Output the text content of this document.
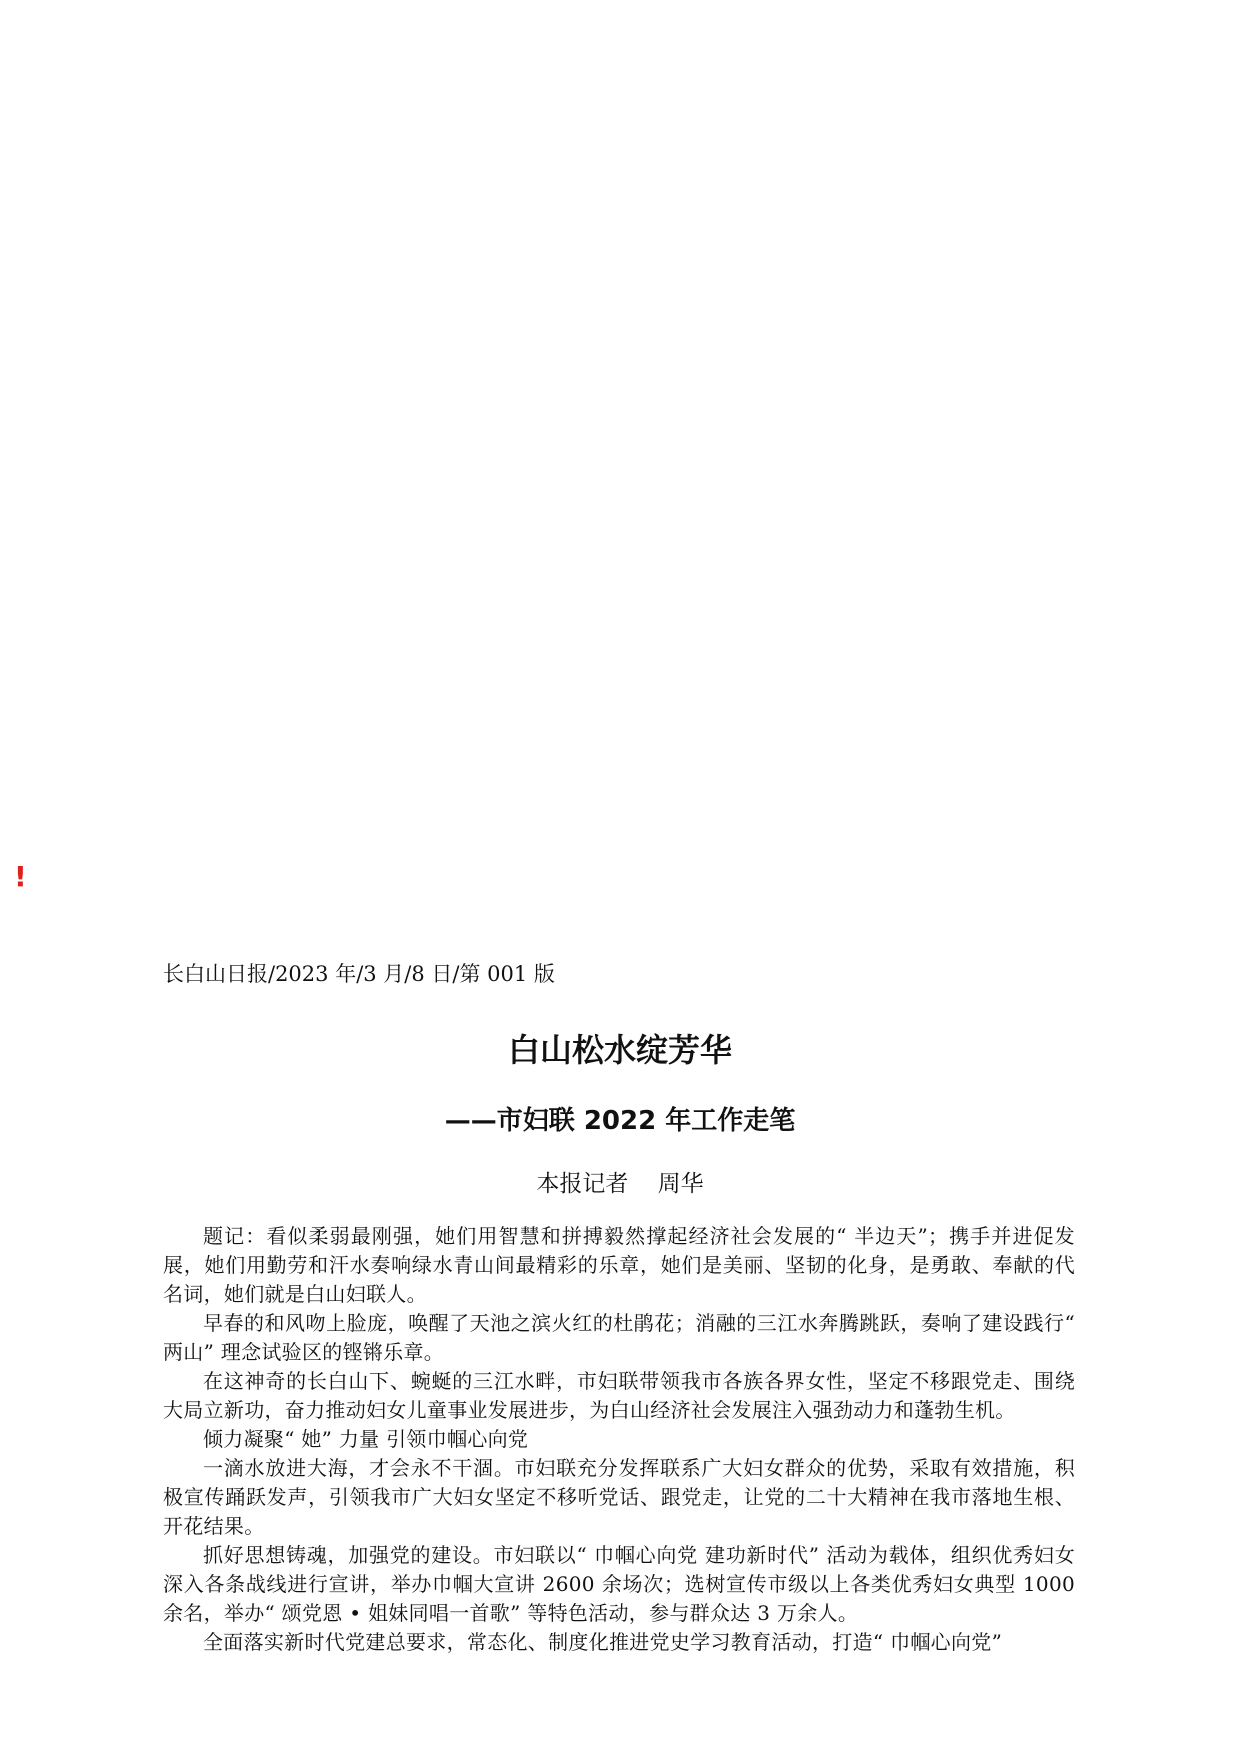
!
长白山日报/2023 年/3 月/8 日/第 001 版
白山松水绽芳华
——市妇联 2022 年工作走笔
本报记者    周华

题记：看似柔弱最刚强，她们用智慧和拼搏毅然撑起经济社会发展的“ 半边天”；携手并进促发展，她们用勤劳和汗水奏响绿水青山间最精彩的乐章，她们是美丽、坚韧的化身，是勇敢、奉献的代名词，她们就是白山妇联人。

早春的和风吻上脸庞，唤醒了天池之滨火红的杜鹃花；消融的三江水奔腾跳跃，奏响了建设践行“ 两山” 理念试验区的铿锵乐章。

在这神奇的长白山下、蜿蜒的三江水畔，市妇联带领我市各族各界女性，坚定不移跟党走、围绕大局立新功，奋力推动妇女儿童事业发展进步，为白山经济社会发展注入强劲动力和蓬勃生机。

倾力凝聚“ 她” 力量 引领巾帼心向党

一滴水放进大海，才会永不干涸。市妇联充分发挥联系广大妇女群众的优势，采取有效措施，积极宣传踊跃发声，引领我市广大妇女坚定不移听党话、跟党走，让党的二十大精神在我市落地生根、开花结果。

抓好思想铸魂，加强党的建设。市妇联以“ 巾帼心向党 建功新时代” 活动为载体，组织优秀妇女深入各条战线进行宣讲，举办巾帼大宣讲 2600 余场次；选树宣传市级以上各类优秀妇女典型 1000 余名，举办“ 颂党恩 • 姐妹同唱一首歌” 等特色活动，参与群众达 3 万余人。

全面落实新时代党建总要求，常态化、制度化推进党史学习教育活动，打造“ 巾帼心向党”
